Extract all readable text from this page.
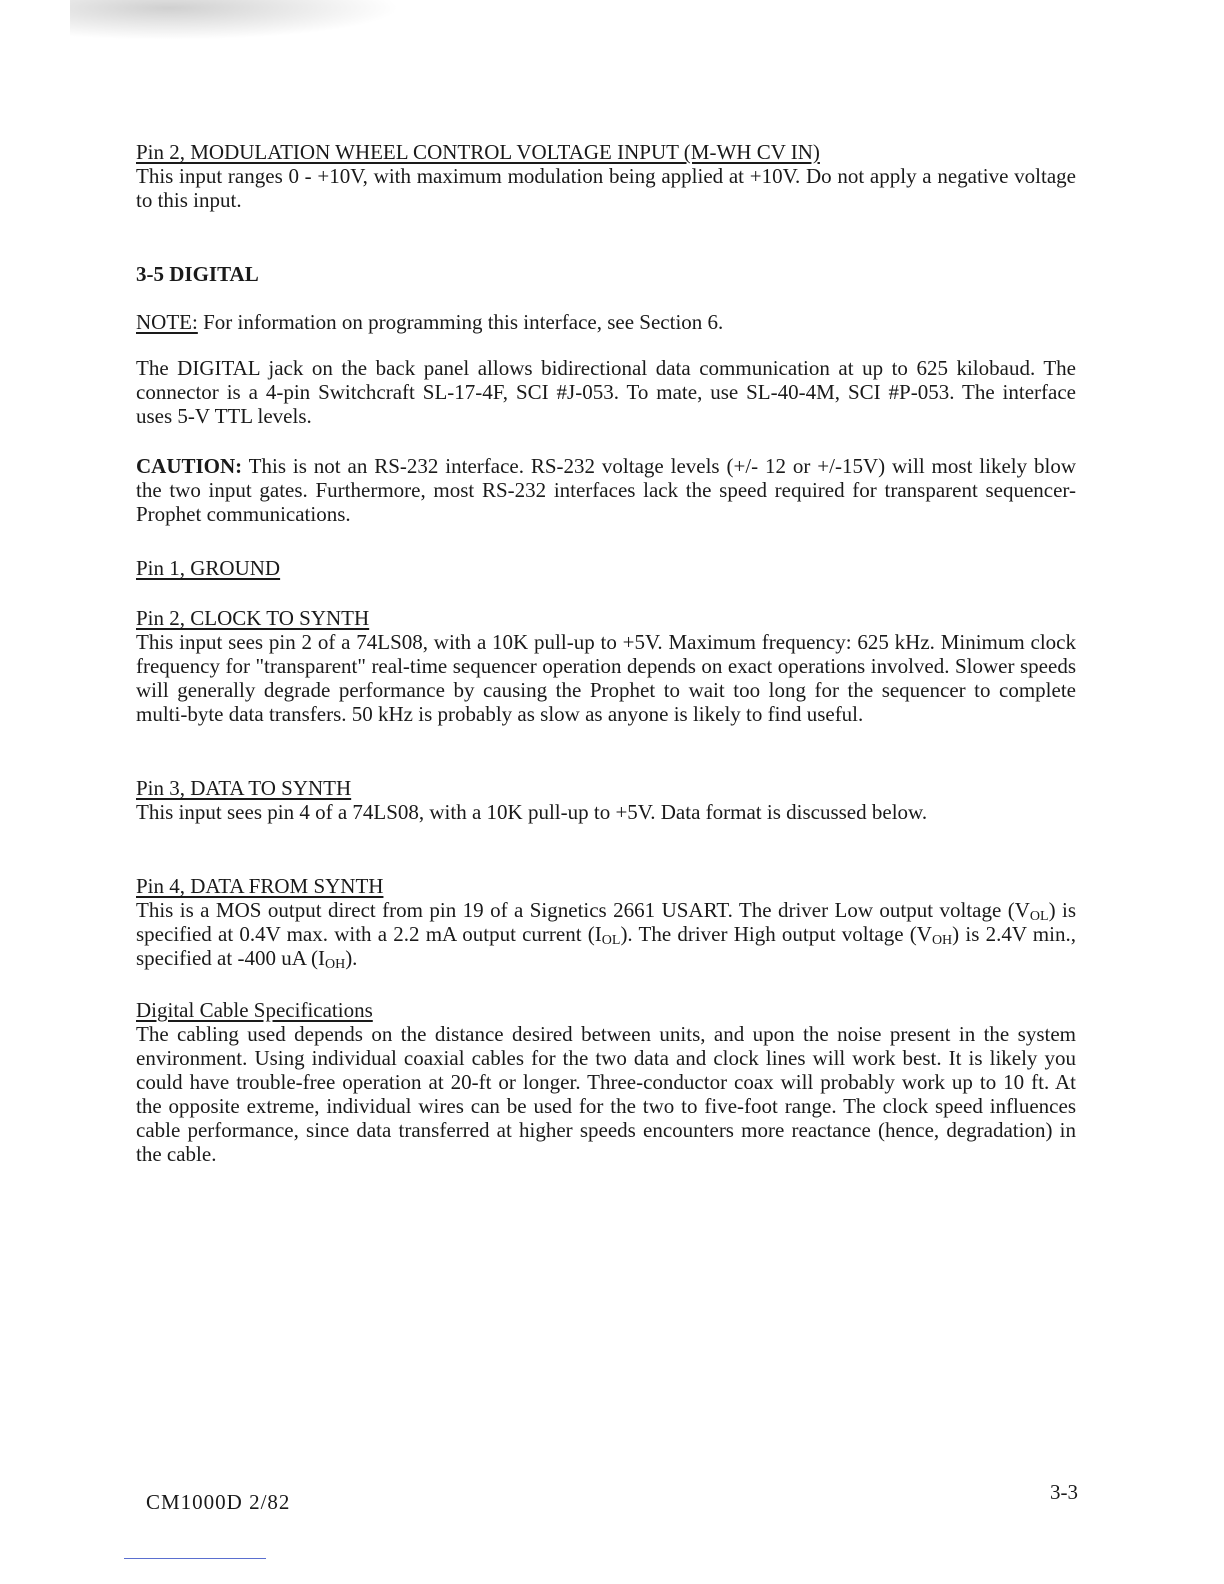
Pin 2, MODULATION WHEEL CONTROL VOLTAGE INPUT (M-WH CV IN)
This input ranges 0 - +10V, with maximum modulation being applied at +10V. Do not apply a negative voltage to this input.
3-5 DIGITAL
NOTE: For information on programming this interface, see Section 6.
The DIGITAL jack on the back panel allows bidirectional data communication at up to 625 kilobaud. The connector is a 4-pin Switchcraft SL-17-4F, SCI #J-053. To mate, use SL-40-4M, SCI #P-053. The interface uses 5-V TTL levels.
CAUTION: This is not an RS-232 interface. RS-232 voltage levels (+/- 12 or +/-15V) will most likely blow the two input gates. Furthermore, most RS-232 interfaces lack the speed required for transparent sequencer-Prophet communications.
Pin 1, GROUND
Pin 2, CLOCK TO SYNTH
This input sees pin 2 of a 74LS08, with a 10K pull-up to +5V. Maximum frequency: 625 kHz. Minimum clock frequency for "transparent" real-time sequencer operation depends on exact operations involved. Slower speeds will generally degrade performance by causing the Prophet to wait too long for the sequencer to complete multi-byte data transfers. 50 kHz is probably as slow as anyone is likely to find useful.
Pin 3, DATA TO SYNTH
This input sees pin 4 of a 74LS08, with a 10K pull-up to +5V. Data format is discussed below.
Pin 4, DATA FROM SYNTH
This is a MOS output direct from pin 19 of a Signetics 2661 USART. The driver Low output voltage $(V_{OL})$ is specified at 0.4V max. with a 2.2 mA output current $(I_{OL})$. The driver High output voltage $(V_{OH})$ is 2.4V min., specified at -400 uA $(I_{OH})$.
Digital Cable Specifications
The cabling used depends on the distance desired between units, and upon the noise present in the system environment. Using individual coaxial cables for the two data and clock lines will work best. It is likely you could have trouble-free operation at 20-ft or longer. Three-conductor coax will probably work up to 10 ft. At the opposite extreme, individual wires can be used for the two to five-foot range. The clock speed influences cable performance, since data transferred at higher speeds encounters more reactance (hence, degradation) in the cable.
CM1000D 2/82	3-3
